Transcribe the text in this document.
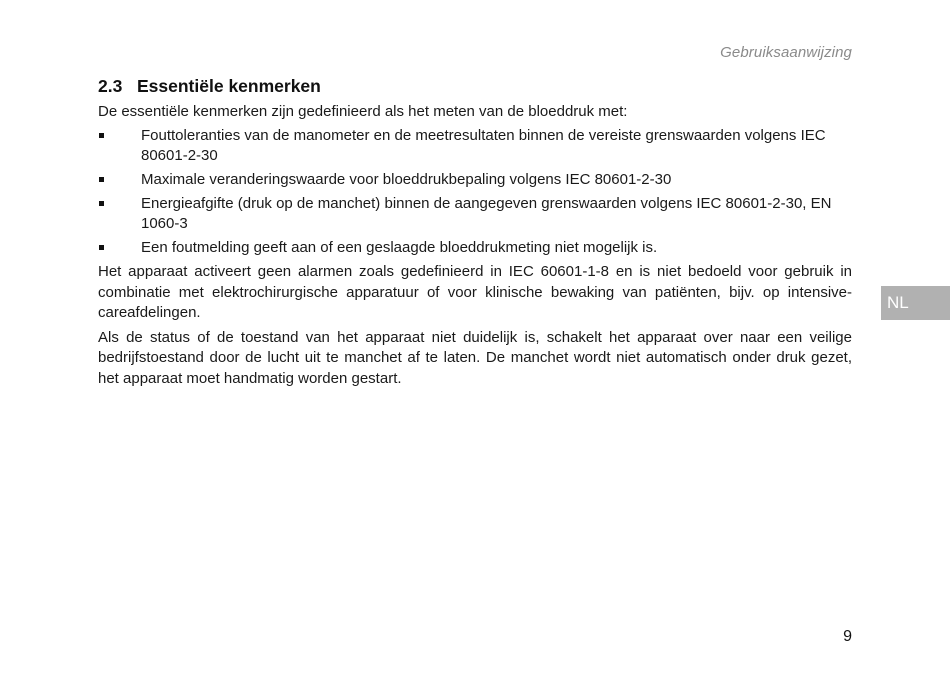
Gebruiksaanwijzing
2.3 Essentiële kenmerken

De essentiële kenmerken zijn gedefinieerd als het meten van de bloeddruk met:

Fouttoleranties van de manometer en de meetresultaten binnen de vereiste grenswaarden volgens IEC 80601-2-30
Maximale veranderingswaarde voor bloeddrukbepaling volgens IEC 80601-2-30
Energieafgifte (druk op de manchet) binnen de aangegeven grenswaarden volgens IEC 80601-2-30, EN 1060-3
Een foutmelding geeft aan of een geslaagde bloeddrukmeting niet mogelijk is.

Het apparaat activeert geen alarmen zoals gedefinieerd in IEC 60601-1-8 en is niet bedoeld voor gebruik in combinatie met elektrochirurgische apparatuur of voor klinische bewaking van patiënten, bijv. op intensive-careafdelingen.

Als de status of de toestand van het apparaat niet duidelijk is, schakelt het apparaat over naar een veilige bedrijfstoestand door de lucht uit te manchet af te laten. De manchet wordt niet automatisch onder druk gezet, het apparaat moet handmatig worden gestart.

NL
9
